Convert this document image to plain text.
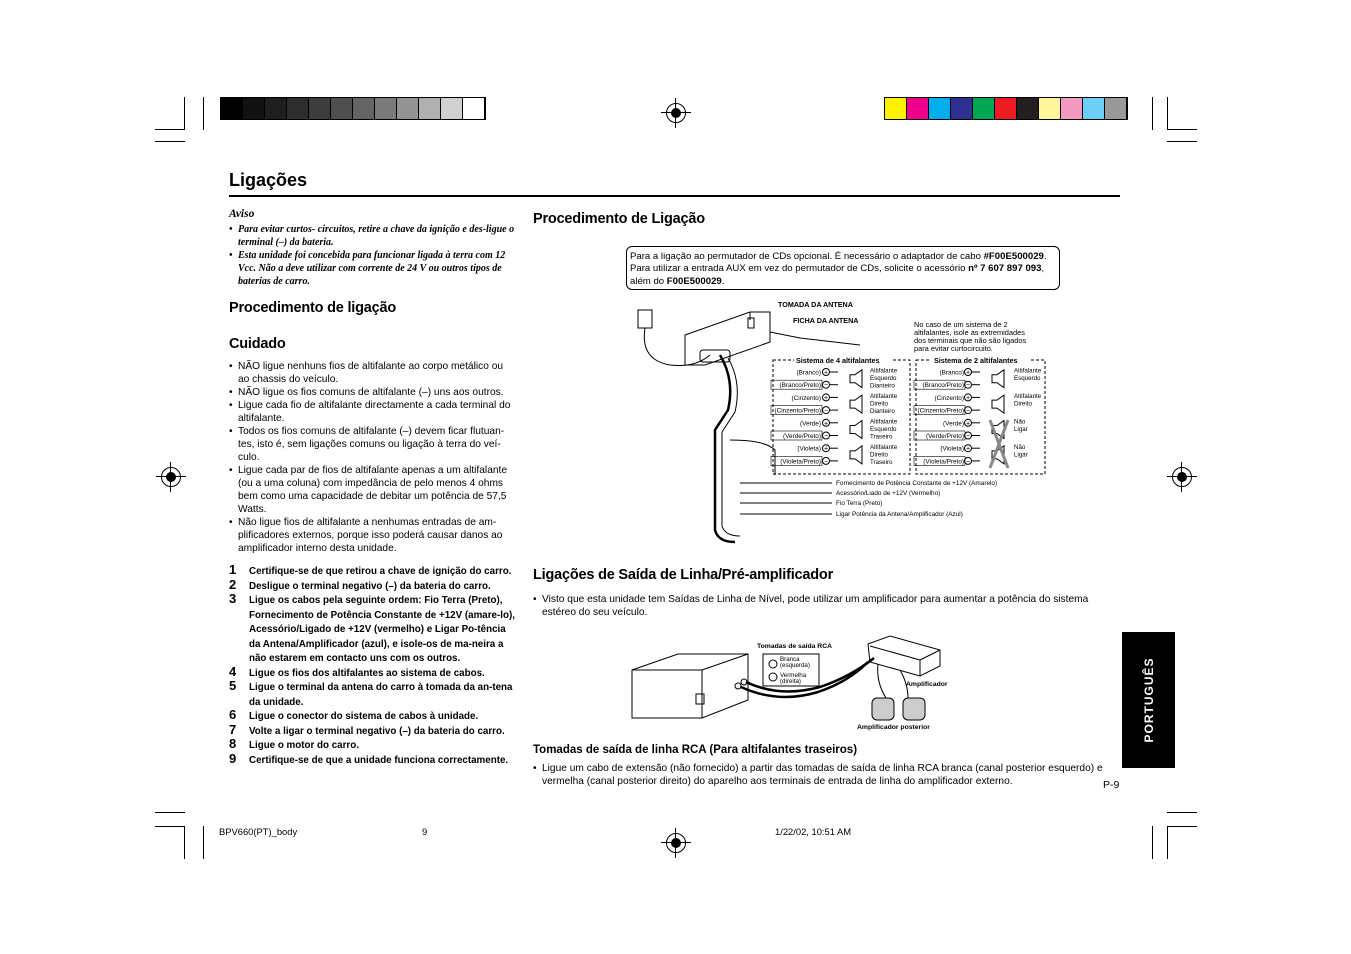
Ligações
Aviso
• Para evitar curtos- circuitos, retire a chave da ignição e des-ligue o terminal (–) da bateria.
• Esta unidade foi concebida para funcionar ligada à terra com 12 Vcc. Não a deve utilizar com corrente de 24 V ou outros tipos de baterias de carro.
Procedimento de ligação
Cuidado
• NÃO ligue nenhuns fios de altifalante ao corpo metálico ou ao chassis do veículo.
• NÃO ligue os fios comuns de altifalante (–) uns aos outros.
• Ligue cada fio de altifalante directamente a cada terminal do altifalante.
• Todos os fios comuns de altifalante (–) devem ficar flutuan-tes, isto é, sem ligações comuns ou ligação à terra do veí-culo.
• Ligue cada par de fios de altifalante apenas a um altifalante (ou a uma coluna) com impedância de pelo menos 4 ohms bem como uma capacidade de debitar um potência de 57,5 Watts.
• Não ligue fios de altifalante a nenhumas entradas de am-plificadores externos, porque isso poderá causar danos ao amplificador interno desta unidade.
1 Certifique-se de que retirou a chave de ignição do carro.
2 Desligue o terminal negativo (–) da bateria do carro.
3 Ligue os cabos pela seguinte ordem: Fio Terra (Preto), Fornecimento de Potência Constante de +12V (amare-lo), Acessório/Ligado de +12V (vermelho) e Ligar Po-tência da Antena/Amplificador (azul), e isole-os de ma-neira a não estarem em contacto uns com os outros.
4 Ligue os fios dos altifalantes ao sistema de cabos.
5 Ligue o terminal da antena do carro à tomada da an-tena da unidade.
6 Ligue o conector do sistema de cabos à unidade.
7 Volte a ligar o terminal negativo (–) da bateria do carro.
8 Ligue o motor do carro.
9 Certifique-se de que a unidade funciona correctamente.
Procedimento de Ligação
Para a ligação ao permutador de CDs opcional. É necessário o adaptador de cabo #F00E500029.
Para utilizar a entrada AUX em vez do permutador de CDs, solicite o acessório nº 7 607 897 093,
além do F00E500029.
TOMADA DA ANTENA
FICHA DA ANTENA	No caso de um sistema de 2
altifalantes, isole as extremidades
dos terminais que não são ligados
para evitar curtocircuito.
Sistema de 4 altifalantes	Sistema de 2 altifalantes
(Branco) +
(Branco/Preto) −
Altifalante
Esquerdo
Dianteiro
(Cinzento) +
(Cinzento/Preto) −
Altifalante
Direito
Dianteiro
(Verde) +
(Verde/Preto) −
Altifalante
Esquerdo
Traseiro
(Violeta) +
(Violeta/Preto) −
Altifalante
Direito
Traseiro
(Branco) +
(Branco/Preto) −
Altifalante
Esquerdo
(Cinzento) +
(Cinzento/Preto) −
Altifalante
Direito
(Verde) +
(Verde/Preto) −
Não
Ligar
(Violeta) +
(Violeta/Preto) −
Não
Ligar
Fornecimento de Potência Constante de +12V (Amarelo)
Acessório/Liado de +12V (Vermelho)
Fio Terra (Preto)
Ligar Potência da Antena/Amplificador (Azul)
Ligações de Saída de Linha/Pré-amplificador
• Visto que esta unidade tem Saídas de Linha de Nível, pode utilizar um amplificador para aumentar a potência do sistema estéreo do seu veículo.
Tomadas de saída RCA
Branca
(esquerda)
Vermelha
(direita)	Amplificador
Amplificador posterior
Tomadas de saída de linha RCA (Para altifalantes traseiros)
• Ligue um cabo de extensão (não fornecido) a partir das tomadas de saída de linha RCA branca (canal posterior esquerdo) e vermelha (canal posterior direito) do aparelho aos terminais de entrada de linha do amplificador externo.
PORTUGUÊS
P-9
BPV660(PT)_body	9	1/22/02, 10:51 AM
